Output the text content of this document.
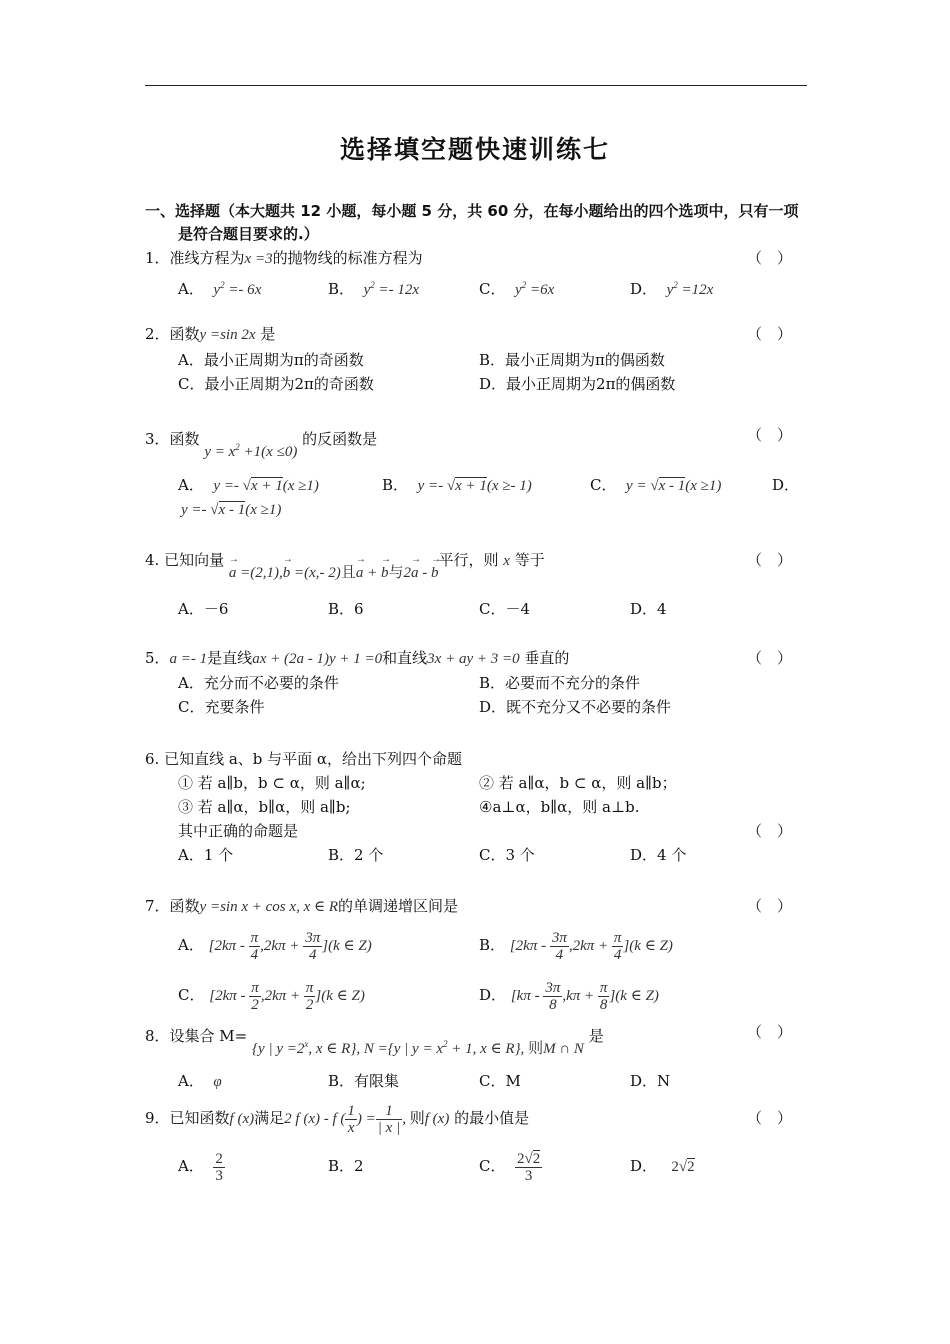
选择填空题快速训练七
一、选择题（本大题共 12 小题，每小题 5 分，共 60 分，在每小题给出的四个选项中，只有一项
是符合题目要求的.）
1．准线方程为x =3的抛物线的标准方程为	（　）
A． $y^2 =- 6x$	B． $y^2 =- 12x$	C． $y^2 =6x$	D． $y^2 =12x$
2．函数y =sin 2x 是	（　）
A．最小正周期为π的奇函数	B．最小正周期为π的偶函数
C．最小正周期为2π的奇函数	D．最小正周期为2π的偶函数
3．函数 $y = x^2 +1(x \le 0)$ 的反函数是	（　）
A． y =- √x + 1(x ≥1)	B． y =- √x + 1(x ≥- 1)	C． y = √x - 1(x ≥1)	D．
y =- √x - 1(x ≥1)
4. 已知向量 → a =(2,1),→ b =(x,- 2)且→ a + → b与2→ a - → b平行，则 x 等于	（　）
A．－6	B．6	C．－4	D．4
5．a =- 1是直线ax + (2a - 1)y + 1 =0和直线3x + ay + 3 =0 垂直的	（　）
A．充分而不必要的条件	B．必要而不充分的条件
C．充要条件	D．既不充分又不必要的条件
6. 已知直线 a、b 与平面 α，给出下列四个命题
① 若 a∥b，b ⊂ α，则 a∥α;	② 若 a∥α，b ⊂ α，则 a∥b；
③ 若 a∥α，b∥α，则 a∥b;	④a⊥α，b∥α，则 a⊥b.
其中正确的命题是	（　）
A．1 个	B．2 个	C．3 个	D．4 个
7．函数y =sin x + cos x, x ∈ R的单调递增区间是	（　）
A． $[2k\pi - \frac{\pi}{4} ,2k\pi + \frac{3\pi}{4} ](k$ ∈ Z)	B． $[2k\pi - \frac{3\pi}{4} ,2k\pi + \frac{\pi}{4} ](k$ ∈ Z)
C． $[2k\pi - \frac{\pi}{2} ,2k\pi + \frac{\pi}{2} ](k$ ∈ Z)	D． $[k\pi - \frac{3\pi}{8} ,k\pi + \frac{\pi}{8} ](k$ ∈ Z)
8．设集合 M= {y | $y =2^x$, x ∈ R}, N ={y | $y = x^2 + 1$, x ∈ R}, 则M ∩ N 是	（　）
A． φ	B．有限集	C．M	D．N
9．已知函数f (x)满足2 f (x) - f ( $\frac{1}{x}$ ) = $\frac{1}{| x |}$ , 则f (x) 的最小值是	（　）
A． $\frac{2}{3}$	B．2	C． $\frac{2√2}{3}$	D． 2√2
